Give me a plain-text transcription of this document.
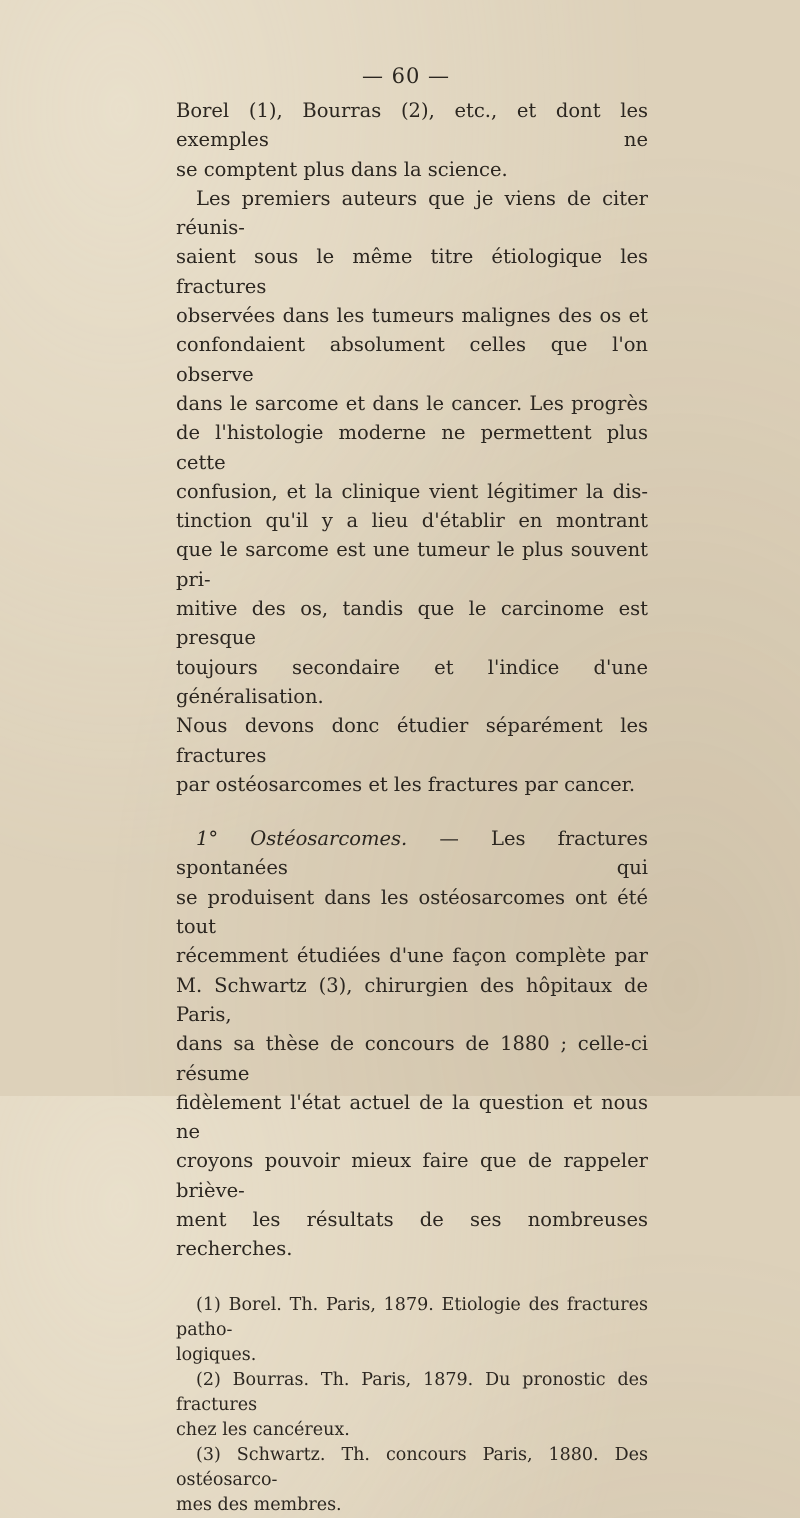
— 60 —
Borel (1), Bourras (2), etc., et dont les exemples ne
se comptent plus dans la science.
Les premiers auteurs que je viens de citer réunis-
saient sous le même titre étiologique les fractures
observées dans les tumeurs malignes des os et
confondaient absolument celles que l'on observe
dans le sarcome et dans le cancer. Les progrès
de l'histologie moderne ne permettent plus cette
confusion, et la clinique vient légitimer la dis-
tinction qu'il y a lieu d'établir en montrant
que le sarcome est une tumeur le plus souvent pri-
mitive des os, tandis que le carcinome est presque
toujours secondaire et l'indice d'une généralisation.
Nous devons donc étudier séparément les fractures
par ostéosarcomes et les fractures par cancer.
1° Ostéosarcomes. — Les fractures spontanées qui
se produisent dans les ostéosarcomes ont été tout
récemment étudiées d'une façon complète par
M. Schwartz (3), chirurgien des hôpitaux de Paris,
dans sa thèse de concours de 1880 ; celle-ci résume
fidèlement l'état actuel de la question et nous ne
croyons pouvoir mieux faire que de rappeler briève-
ment les résultats de ses nombreuses recherches.
(1) Borel. Th. Paris, 1879. Etiologie des fractures patho-
logiques.
(2) Bourras. Th. Paris, 1879. Du pronostic des fractures
chez les cancéreux.
(3) Schwartz. Th. concours Paris, 1880. Des ostéosarco-
mes des membres.
